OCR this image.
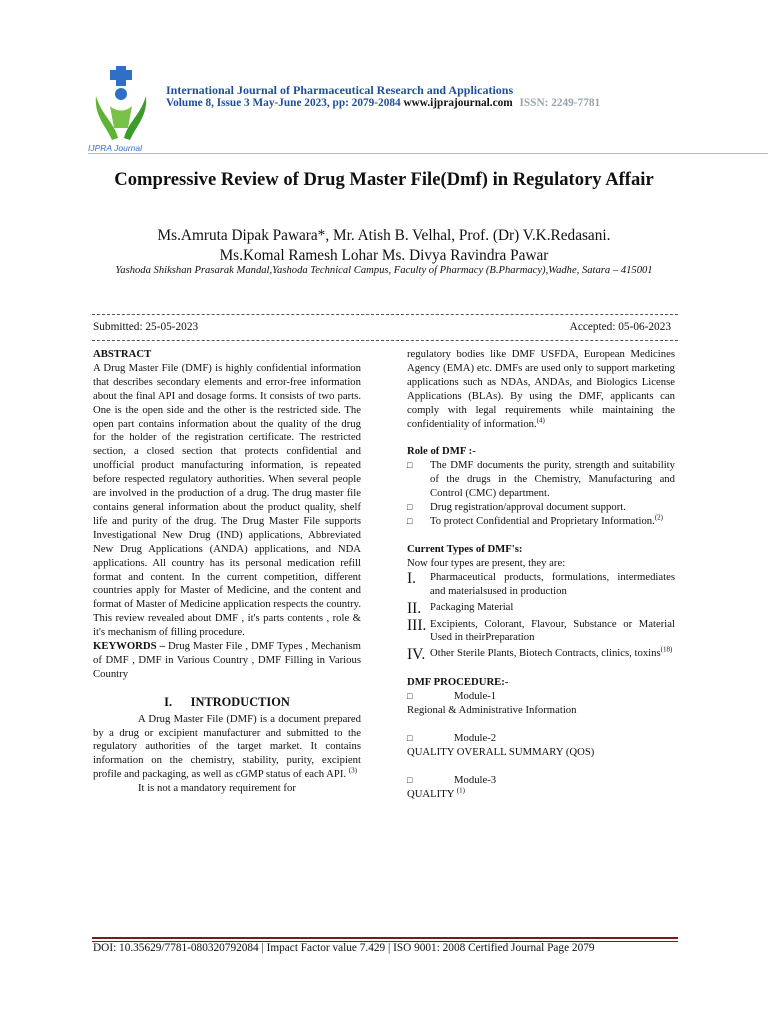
IJPRA Journal
International Journal of Pharmaceutical Research and Applications
Volume 8, Issue 3 May-June 2023, pp: 2079-2084 www.ijprajournal.com ISSN: 2249-7781
Compressive Review of Drug Master File(Dmf) in Regulatory Affair
Ms.Amruta Dipak Pawara*, Mr. Atish B. Velhal, Prof. (Dr) V.K.Redasani.
Ms.Komal Ramesh Lohar Ms. Divya Ravindra Pawar
Yashoda Shikshan Prasarak Mandal,Yashoda Technical Campus, Faculty of Pharmacy (B.Pharmacy),Wadhe, Satara – 415001
Submitted: 25-05-2023	Accepted: 05-06-2023
ABSTRACT

A Drug Master File (DMF) is highly confidential information that describes secondary elements and error-free information about the final API and dosage forms. It consists of two parts. One is the open side and the other is the restricted side. The open part contains information about the quality of the drug for the holder of the registration certificate. The restricted section, a closed section that protects confidential and unofficial product manufacturing information, is repeated before respected regulatory authorities. When several people are involved in the production of a drug. The drug master file contains general information about the product quality, shelf life and purity of the drug. The Drug Master File supports Investigational New Drug (IND) applications, Abbreviated New Drug Applications (ANDA) applications, and NDA applications. All country has its personal medication refill format and content. In the current competition, different countries apply for Master of Medicine, and the content and format of Master of Medicine application respects the country. This review revealed about DMF , it's parts contents , role & it's mechanism of filling procedure.

KEYWORDS – Drug Master File , DMF Types , Mechanism of DMF , DMF in Various Country , DMF Filling in Various Country

I.      INTRODUCTION

A Drug Master File (DMF) is a document prepared by a drug or excipient manufacturer and submitted to the regulatory authorities of the target market. It contains information on the chemistry, stability, purity, excipient profile and packaging, as well as cGMP status of each API. $^{(3)}$

It is not a mandatory requirement for

regulatory bodies like DMF USFDA, European Medicines Agency (EMA) etc. DMFs are used only to support marketing applications such as NDAs, ANDAs, and Biologics License Applications (BLAs). By using the DMF, applicants can comply with legal requirements while maintaining the confidentiality of information.$^{(4)}$

Role of DMF :-
□	The DMF documents the purity, strength and suitability of the drugs in the Chemistry, Manufacturing and Control (CMC) department.
□	Drug registration/approval document support.
□	To protect Confidential and Proprietary Information.$^{(2)}$
Current Types of DMF's:
Now four types are present, they are:
I.	Pharmaceutical products, formulations, intermediates and materialsused in production
II. Packaging Material
III. Excipients, Colorant, Flavour, Substance or Material Used in theirPreparation
IV. Other Sterile Plants, Biotech Contracts, clinics, toxins$^{(18)}$
DMF PROCEDURE:-
□	Module-1
Regional & Administrative Information
□	Module-2
QUALITY OVERALL SUMMARY (QOS)
□	Module-3
QUALITY $^{(1)}$
DOI: 10.35629/7781-080320792084 | Impact Factor value 7.429 | ISO 9001: 2008 Certified Journal Page 2079
